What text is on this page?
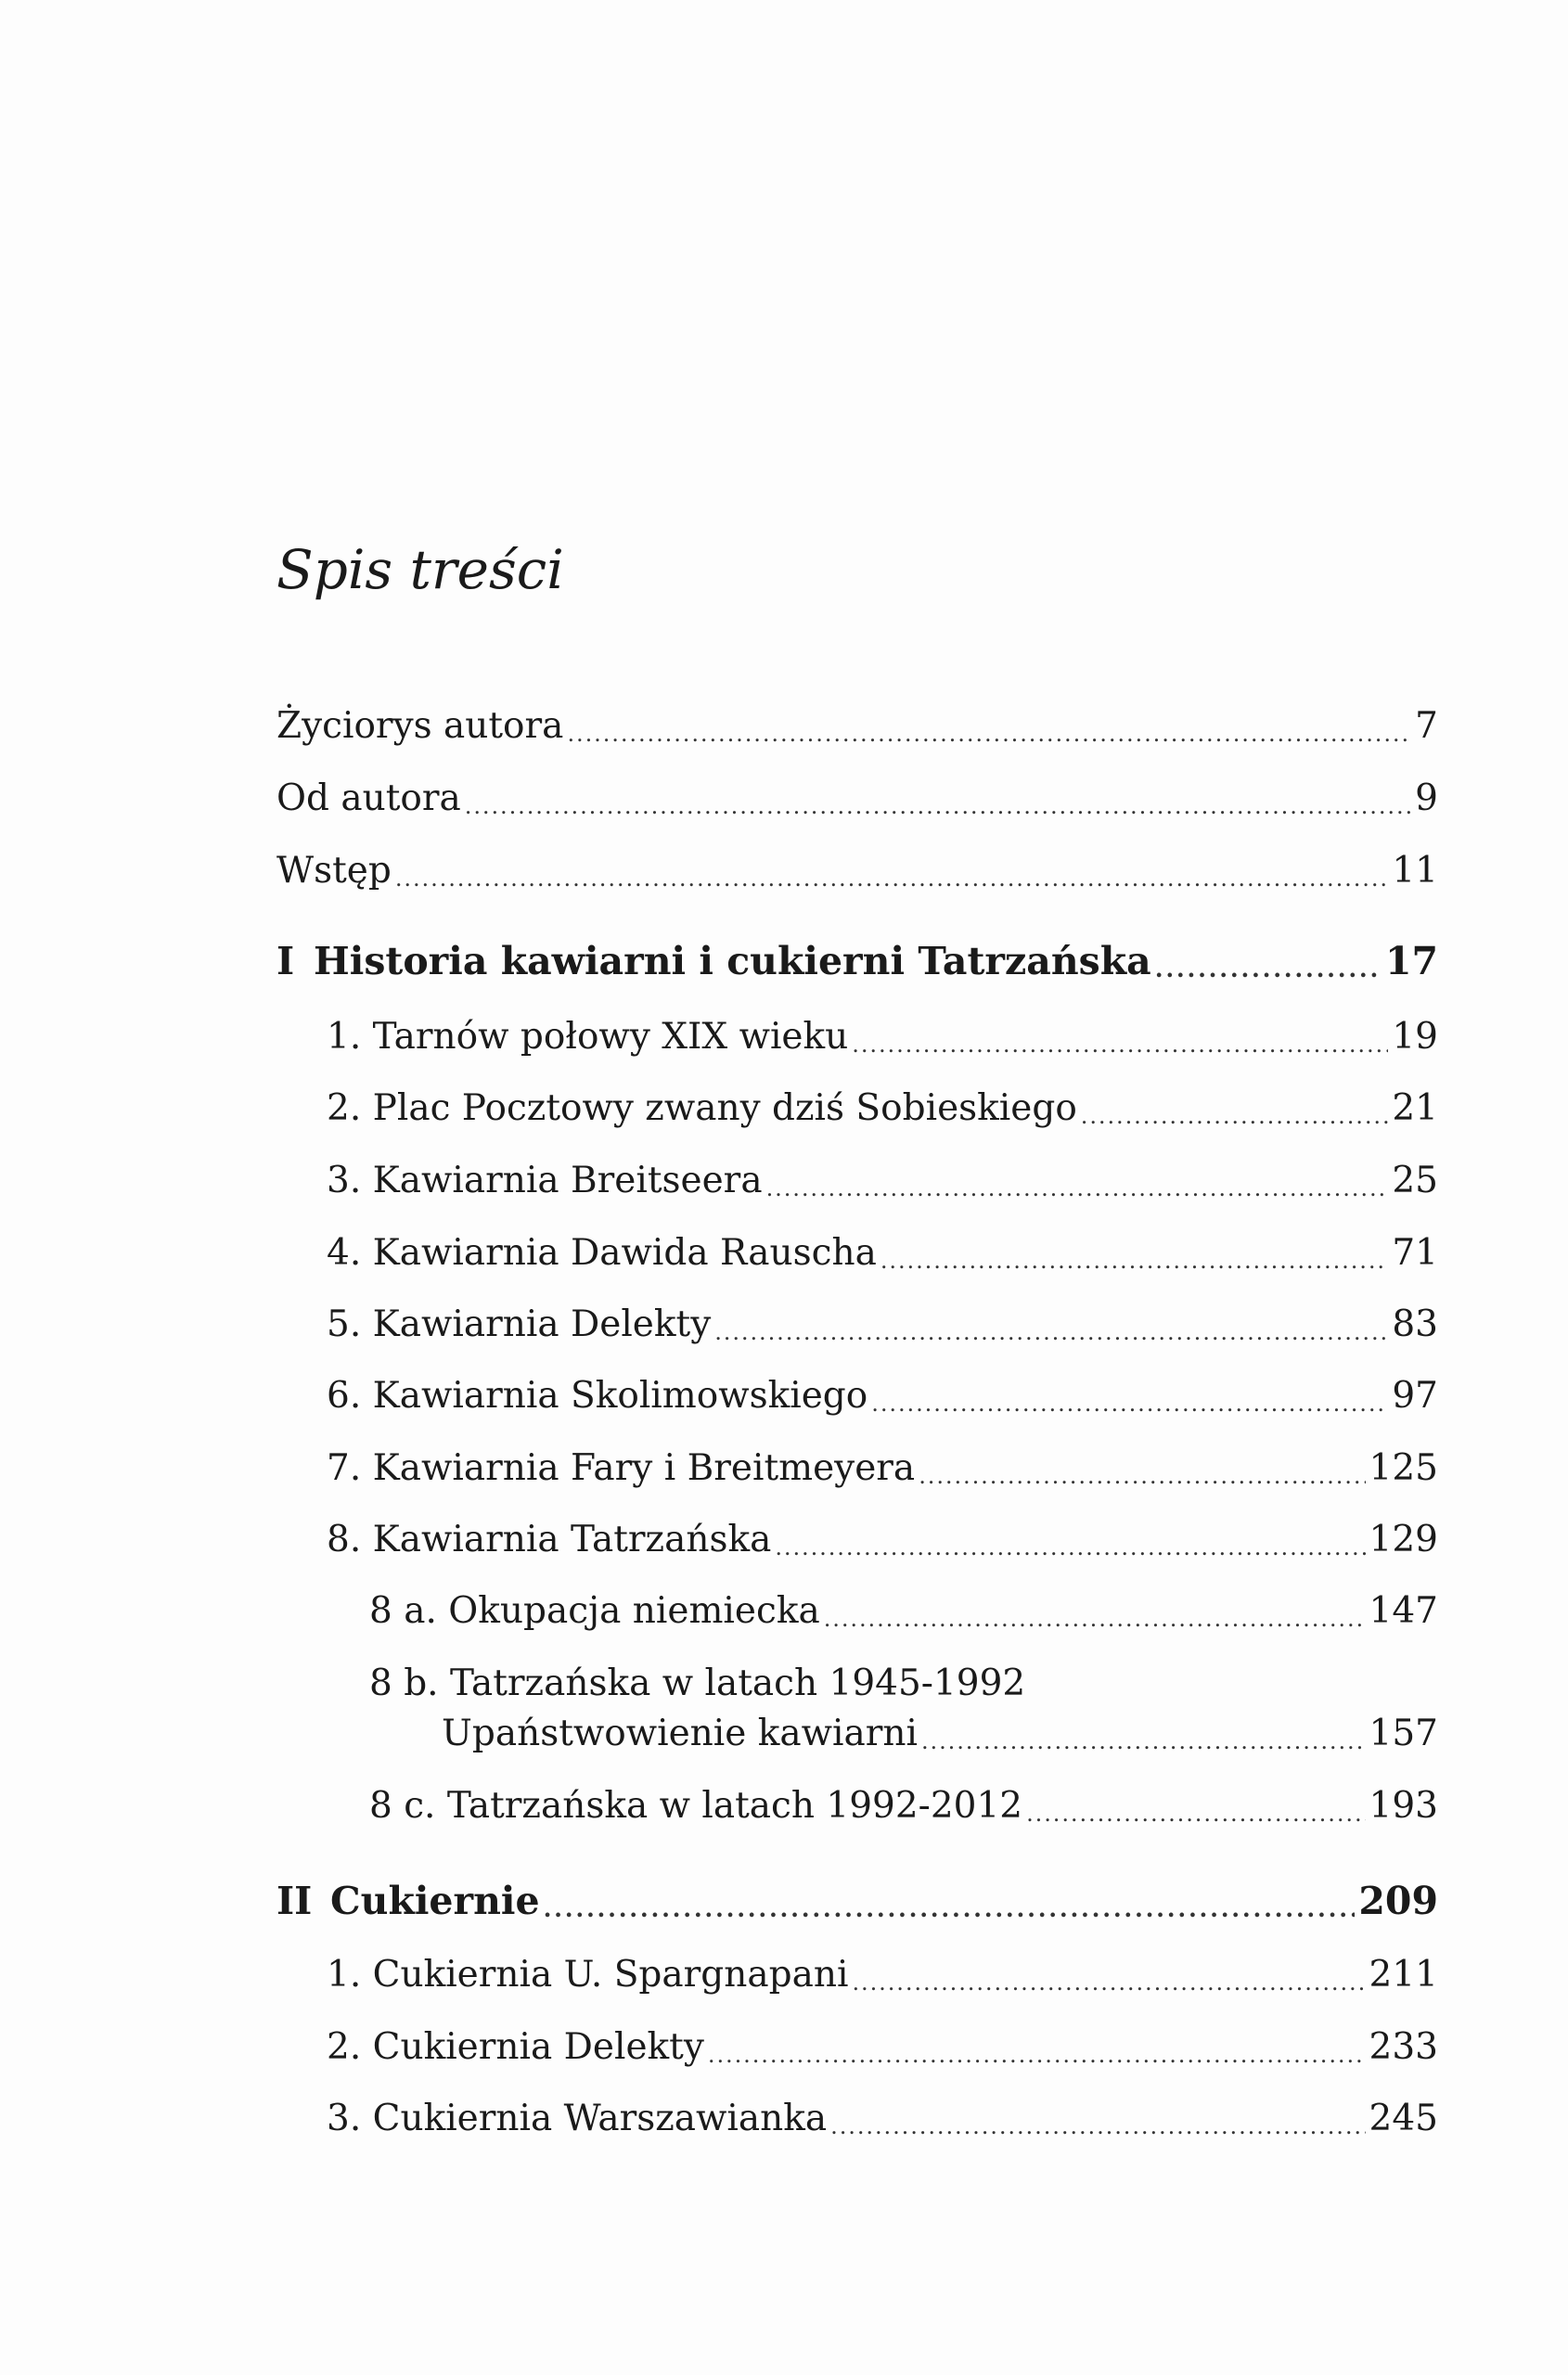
Spis treści
Życiorys autora . . .	7
Od autora . . .	9
Wstęp . . .	11
I Historia kawiarni i cukierni Tatrzańska . . .	17
1. Tarnów połowy XIX wieku . . .	19
2. Plac Pocztowy zwany dziś Sobieskiego . . .	21
3. Kawiarnia Breitseera . . .	25
4. Kawiarnia Dawida Rauscha . . .	71
5. Kawiarnia Delekty . . .	83
6. Kawiarnia Skolimowskiego . . .	97
7. Kawiarnia Fary i Breitmeyera . . .	125
8. Kawiarnia Tatrzańska . . .	129
8 a. Okupacja niemiecka . . .	147
8 b. Tatrzańska w latach 1945-1992
Upaństwowienie kawiarni . . .	157
8 c. Tatrzańska w latach 1992-2012 . . .	193
II Cukiernie . . .	209
1. Cukiernia U. Spargnapani . . .	211
2. Cukiernia Delekty . . .	233
3. Cukiernia Warszawianka . . .	245
